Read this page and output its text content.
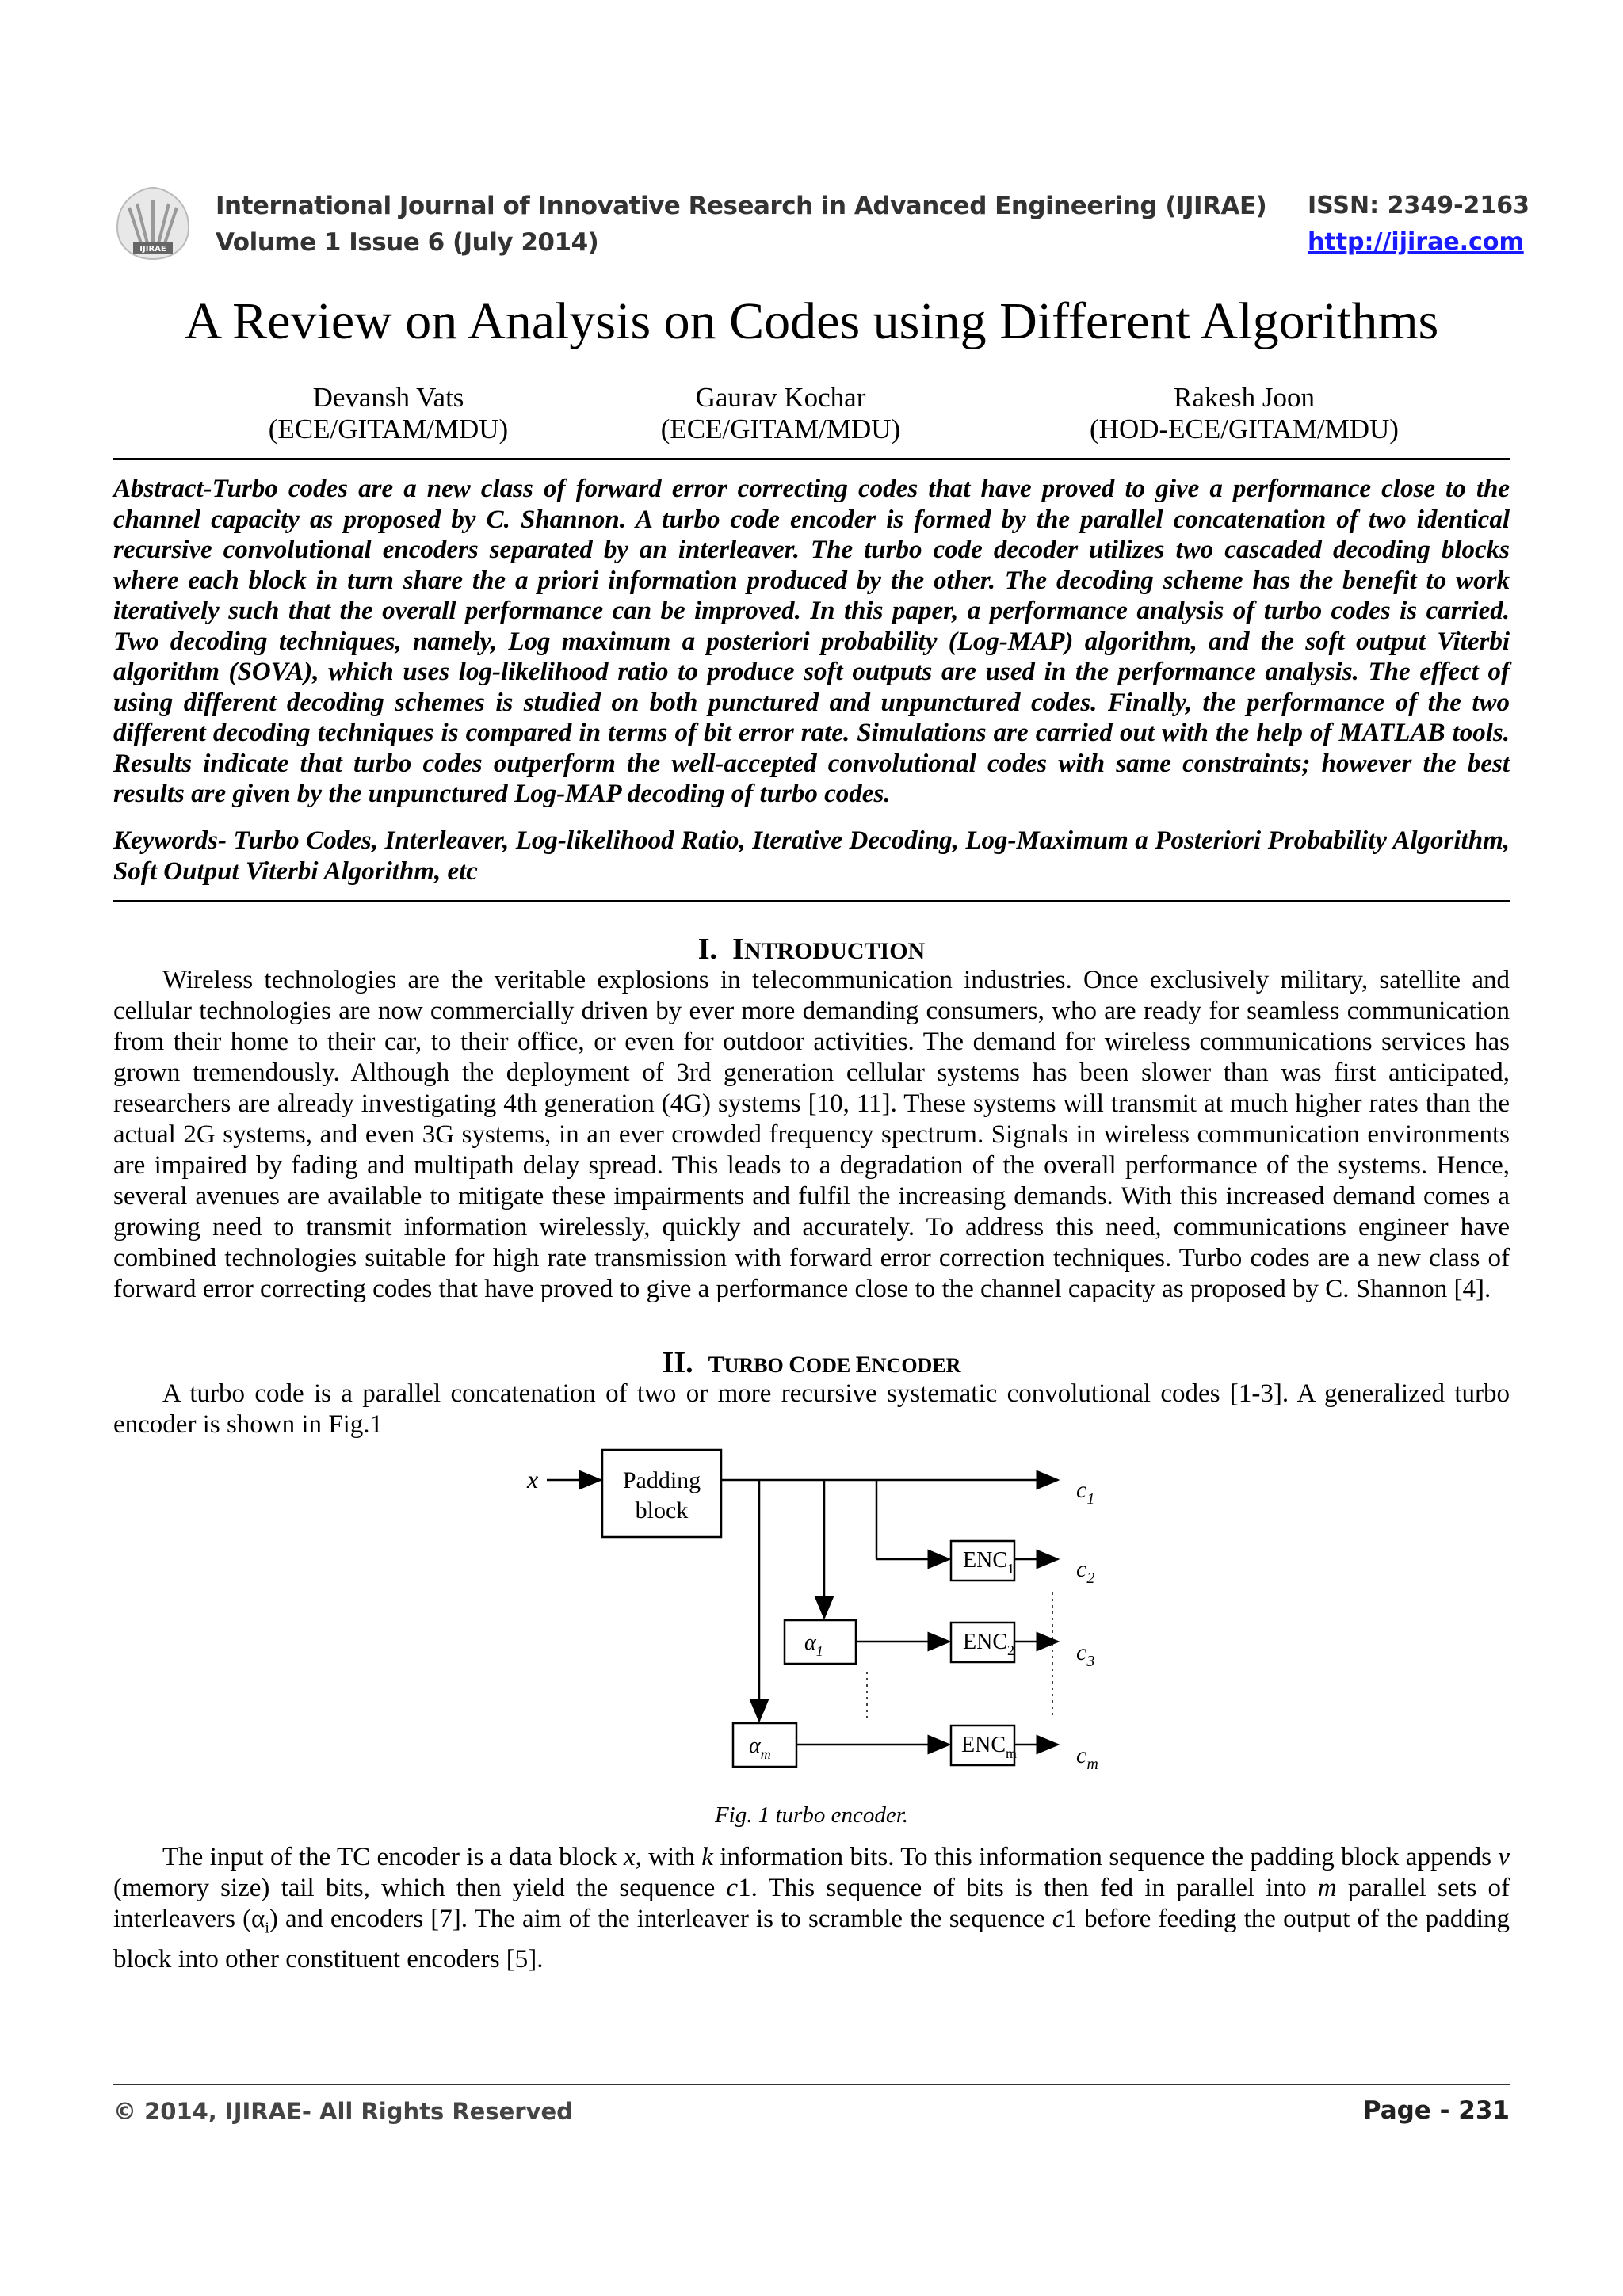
IJIRAE
International Journal of Innovative Research in Advanced Engineering (IJIRAE)
Volume 1 Issue 6 (July 2014)
ISSN: 2349-2163
http://ijirae.com
A Review on Analysis on Codes using Different Algorithms
Devansh Vats
(ECE/GITAM/MDU)
Gaurav Kochar
(ECE/GITAM/MDU)
Rakesh Joon
(HOD-ECE/GITAM/MDU)
Abstract-Turbo codes are a new class of forward error correcting codes that have proved to give a performance close to the channel capacity as proposed by C. Shannon. A turbo code encoder is formed by the parallel concatenation of two identical recursive convolutional encoders separated by an interleaver. The turbo code decoder utilizes two cascaded decoding blocks where each block in turn share the a priori information produced by the other. The decoding scheme has the benefit to work iteratively such that the overall performance can be improved. In this paper, a performance analysis of turbo codes is carried. Two decoding techniques, namely, Log maximum a posteriori probability (Log-MAP) algorithm, and the soft output Viterbi algorithm (SOVA), which uses log-likelihood ratio to produce soft outputs are used in the performance analysis. The effect of using different decoding schemes is studied on both punctured and unpunctured codes. Finally, the performance of the two different decoding techniques is compared in terms of bit error rate. Simulations are carried out with the help of MATLAB tools. Results indicate that turbo codes outperform the well-accepted convolutional codes with same constraints; however the best results are given by the unpunctured Log-MAP decoding of turbo codes.
Keywords- Turbo Codes, Interleaver, Log-likelihood Ratio, Iterative Decoding, Log-Maximum a Posteriori Probability Algorithm, Soft Output Viterbi Algorithm, etc
I. INTRODUCTION

Wireless technologies are the veritable explosions in telecommunication industries. Once exclusively military, satellite and cellular technologies are now commercially driven by ever more demanding consumers, who are ready for seamless communication from their home to their car, to their office, or even for outdoor activities. The demand for wireless communications services has grown tremendously. Although the deployment of 3rd generation cellular systems has been slower than was first anticipated, researchers are already investigating 4th generation (4G) systems [10, 11]. These systems will transmit at much higher rates than the actual 2G systems, and even 3G systems, in an ever crowded frequency spectrum. Signals in wireless communication environments are impaired by fading and multipath delay spread. This leads to a degradation of the overall performance of the systems. Hence, several avenues are available to mitigate these impairments and fulfil the increasing demands. With this increased demand comes a growing need to transmit information wirelessly, quickly and accurately. To address this need, communications engineer have combined technologies suitable for high rate transmission with forward error correction techniques. Turbo codes are a new class of forward error correcting codes that have proved to give a performance close to the channel capacity as proposed by C. Shannon [4].

II. TURBO CODE ENCODER

A turbo code is a parallel concatenation of two or more recursive systematic convolutional codes [1-3]. A generalized turbo encoder is shown in Fig.1

x	Padding
block
$c_1$
$ENC_1$	$c_2$
$\alpha_1$	$ENC_2$	$c_3$
$\alpha_m$	$ENC_m$ $c_m$
Fig. 1 turbo encoder.

The input of the TC encoder is a data block x, with k information bits. To this information sequence the padding block appends v (memory size) tail bits, which then yield the sequence c1. This sequence of bits is then fed in parallel into m parallel sets of interleavers $(\alpha_i)$ and encoders [7]. The aim of the interleaver is to scramble the sequence c1 before feeding the output of the padding block into other constituent encoders [5].

© 2014, IJIRAE- All Rights Reserved	Page - 231
